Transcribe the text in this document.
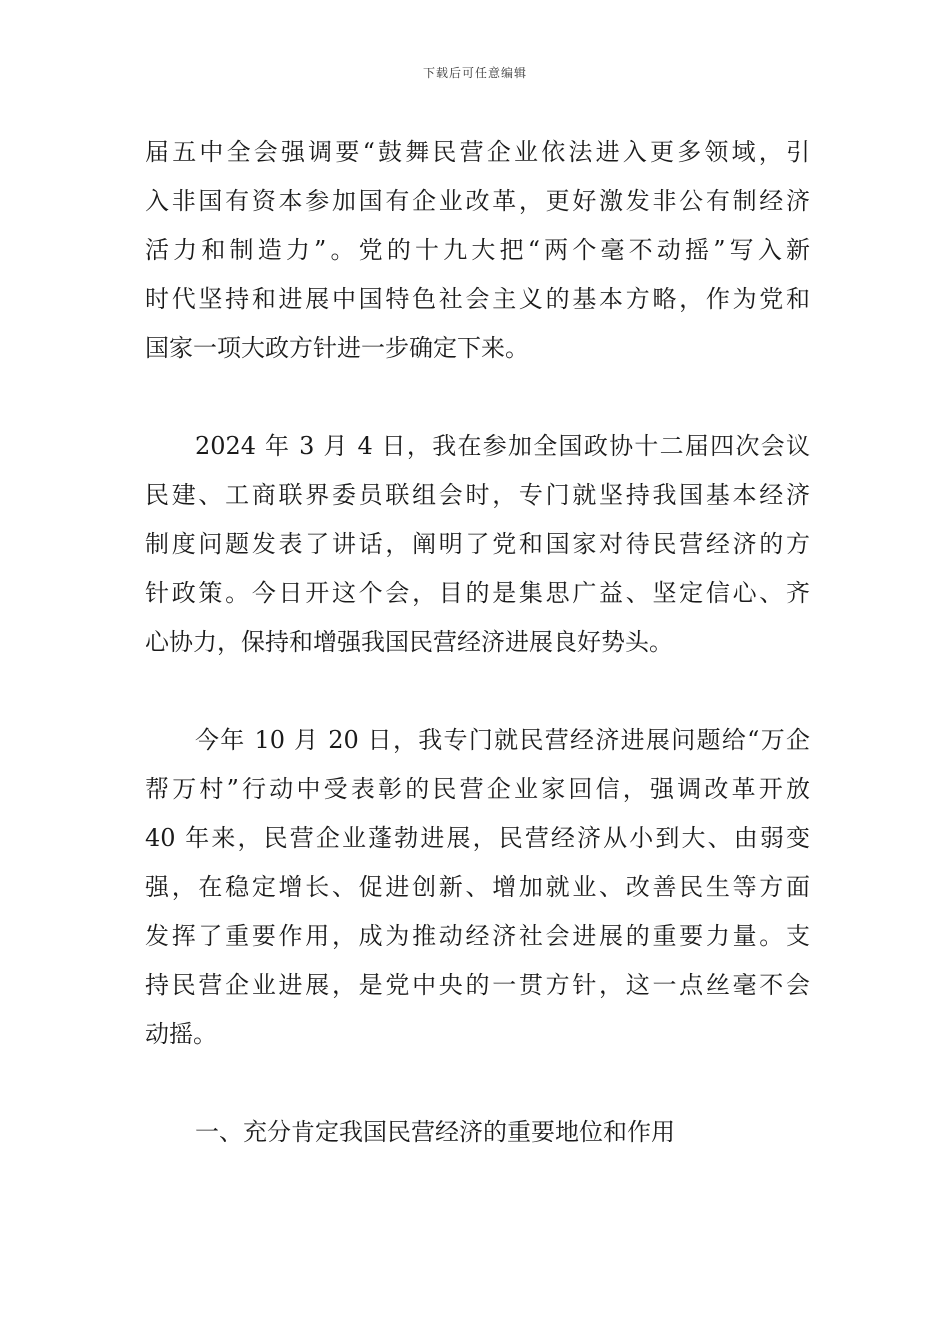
下载后可任意编辑
届五中全会强调要“鼓舞民营企业依法进入更多领域，引
入非国有资本参加国有企业改革，更好激发非公有制经济
活力和制造力”。党的十九大把“两个毫不动摇”写入新
时代坚持和进展中国特色社会主义的基本方略，作为党和
国家一项大政方针进一步确定下来。
2024 年 3 月 4 日，我在参加全国政协十二届四次会议
民建、工商联界委员联组会时，专门就坚持我国基本经济
制度问题发表了讲话，阐明了党和国家对待民营经济的方
针政策。今日开这个会，目的是集思广益、坚定信心、齐
心协力，保持和增强我国民营经济进展良好势头。
今年 10 月 20 日，我专门就民营经济进展问题给“万企
帮万村”行动中受表彰的民营企业家回信，强调改革开放
40 年来，民营企业蓬勃进展，民营经济从小到大、由弱变
强，在稳定增长、促进创新、增加就业、改善民生等方面
发挥了重要作用，成为推动经济社会进展的重要力量。支
持民营企业进展，是党中央的一贯方针，这一点丝毫不会
动摇。
一、充分肯定我国民营经济的重要地位和作用
